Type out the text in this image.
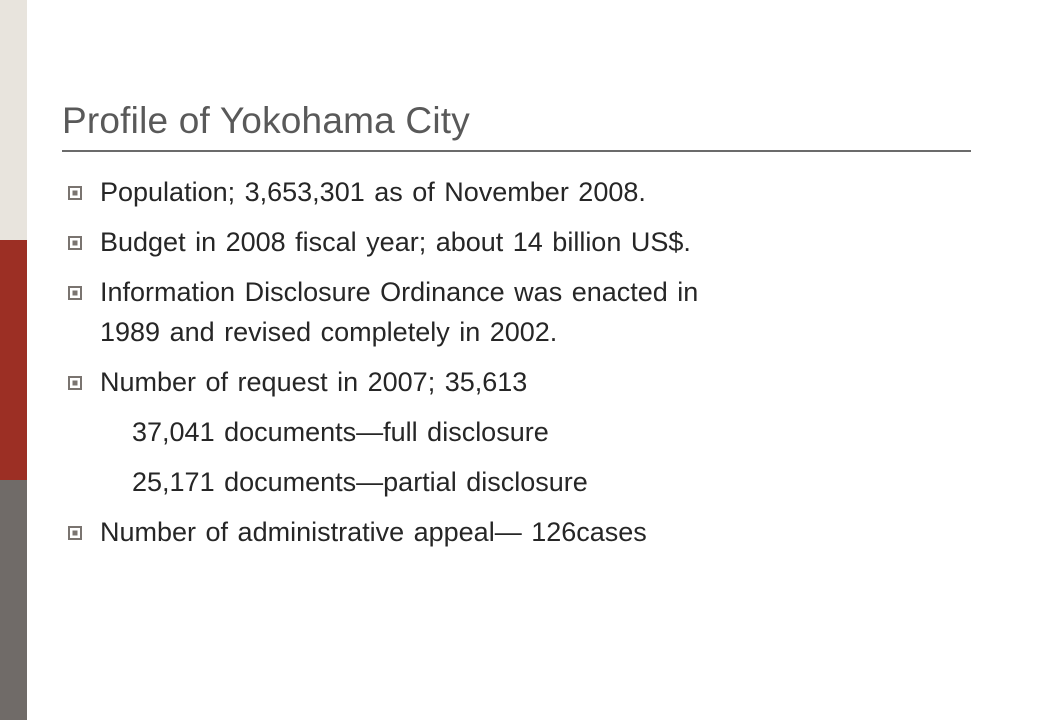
Profile of Yokohama City
Population; 3,653,301 as of November 2008.
Budget in 2008 fiscal year; about 14 billion US$.
Information Disclosure Ordinance was enacted in
1989 and revised completely in 2002.
Number of request in 2007; 35,613
37,041 documents—full disclosure
25,171 documents—partial disclosure
Number of administrative appeal— 126cases
